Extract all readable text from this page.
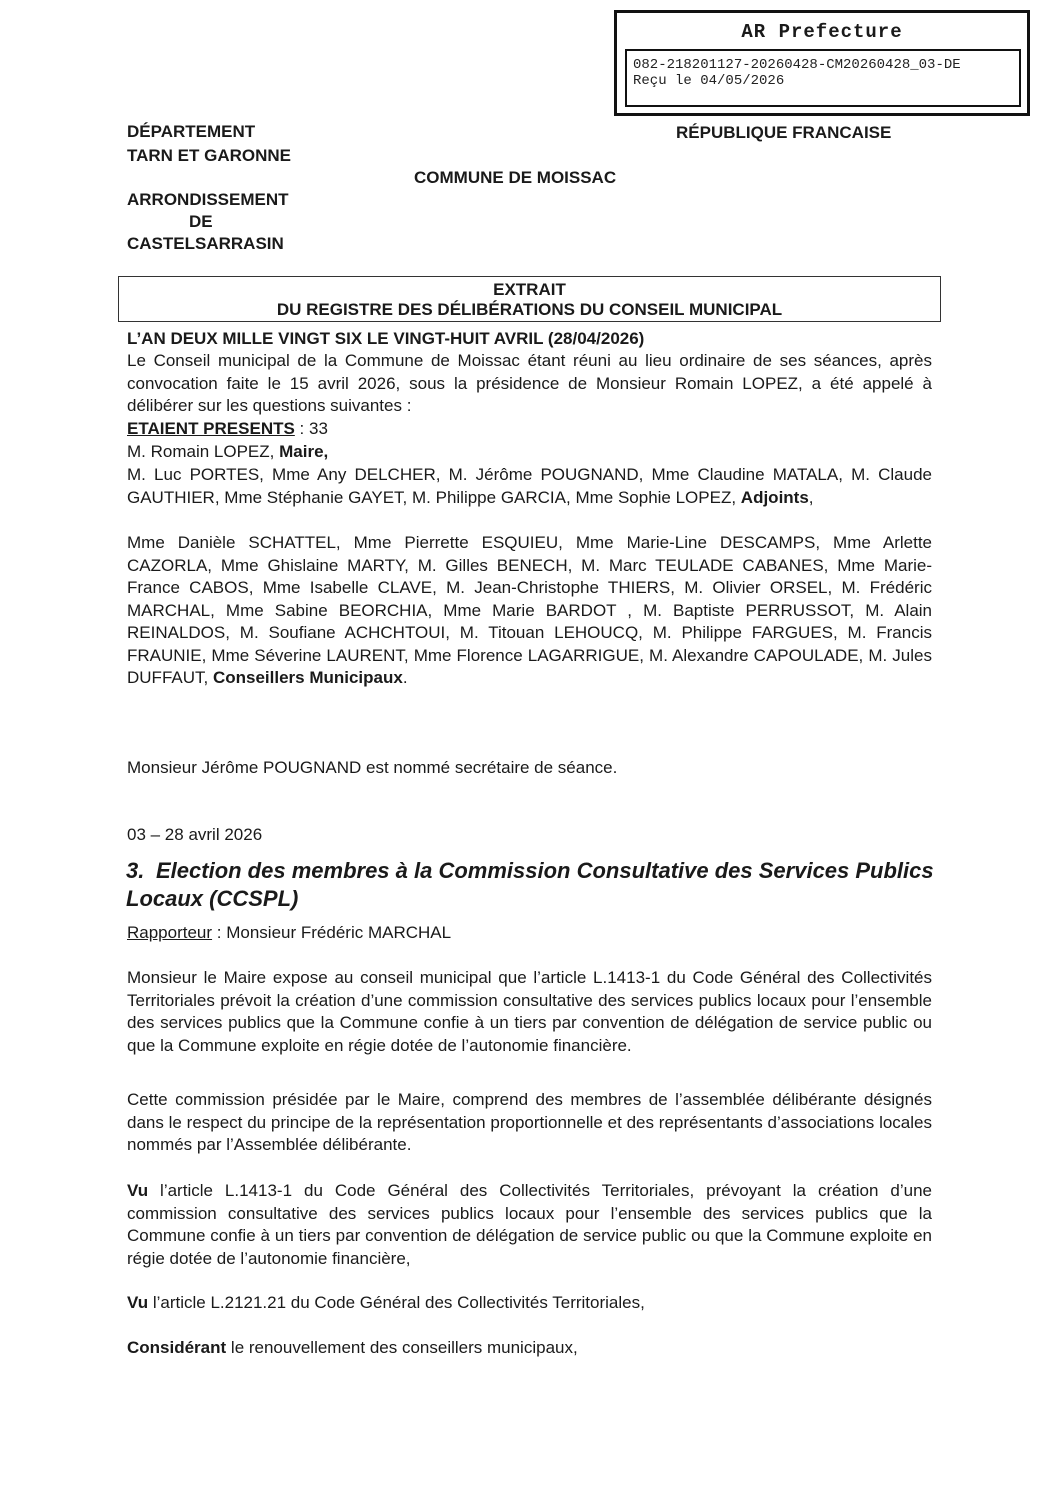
AR Prefecture
082-218201127-20260428-CM20260428_03-DE
Reçu le 04/05/2026
DÉPARTEMENT
TARN ET GARONNE
RÉPUBLIQUE FRANCAISE
COMMUNE DE MOISSAC
ARRONDISSEMENT
DE
CASTELSARRASIN
EXTRAIT
DU REGISTRE DES DÉLIBÉRATIONS DU CONSEIL MUNICIPAL
L’AN DEUX MILLE VINGT SIX LE VINGT-HUIT AVRIL (28/04/2026)
Le Conseil municipal de la Commune de Moissac étant réuni au lieu ordinaire de ses séances, après convocation faite le 15 avril 2026, sous la présidence de Monsieur Romain LOPEZ, a été appelé à délibérer sur les questions suivantes :
ETAIENT PRESENTS : 33
M. Romain LOPEZ, Maire,
M. Luc PORTES, Mme Any DELCHER, M. Jérôme POUGNAND, Mme Claudine MATALA, M. Claude GAUTHIER, Mme Stéphanie GAYET, M. Philippe GARCIA, Mme Sophie LOPEZ, Adjoints,
Mme Danièle SCHATTEL, Mme Pierrette ESQUIEU, Mme Marie-Line DESCAMPS, Mme Arlette CAZORLA, Mme Ghislaine MARTY, M. Gilles BENECH, M. Marc TEULADE CABANES, Mme Marie-France CABOS, Mme Isabelle CLAVE, M. Jean-Christophe THIERS, M. Olivier ORSEL, M. Frédéric MARCHAL, Mme Sabine BEORCHIA, Mme Marie BARDOT , M. Baptiste PERRUSSOT, M. Alain REINALDOS, M. Soufiane ACHCHTOUI, M. Titouan LEHOUCQ, M. Philippe FARGUES, M. Francis FRAUNIE, Mme Séverine LAURENT, Mme Florence LAGARRIGUE, M. Alexandre CAPOULADE, M. Jules DUFFAUT, Conseillers Municipaux.
Monsieur Jérôme POUGNAND est nommé secrétaire de séance.
03 – 28 avril 2026
3. Election des membres à la Commission Consultative des Services Publics Locaux (CCSPL)
Rapporteur : Monsieur Frédéric MARCHAL
Monsieur le Maire expose au conseil municipal que l’article L.1413-1 du Code Général des Collectivités Territoriales prévoit la création d’une commission consultative des services publics locaux pour l’ensemble des services publics que la Commune confie à un tiers par convention de délégation de service public ou que la Commune exploite en régie dotée de l’autonomie financière.
Cette commission présidée par le Maire, comprend des membres de l’assemblée délibérante désignés dans le respect du principe de la représentation proportionnelle et des représentants d’associations locales nommés par l’Assemblée délibérante.
Vu l’article L.1413-1 du Code Général des Collectivités Territoriales, prévoyant la création d’une commission consultative des services publics locaux pour l’ensemble des services publics que la Commune confie à un tiers par convention de délégation de service public ou que la Commune exploite en régie dotée de l’autonomie financière,
Vu l’article L.2121.21 du Code Général des Collectivités Territoriales,
Considérant le renouvellement des conseillers municipaux,
